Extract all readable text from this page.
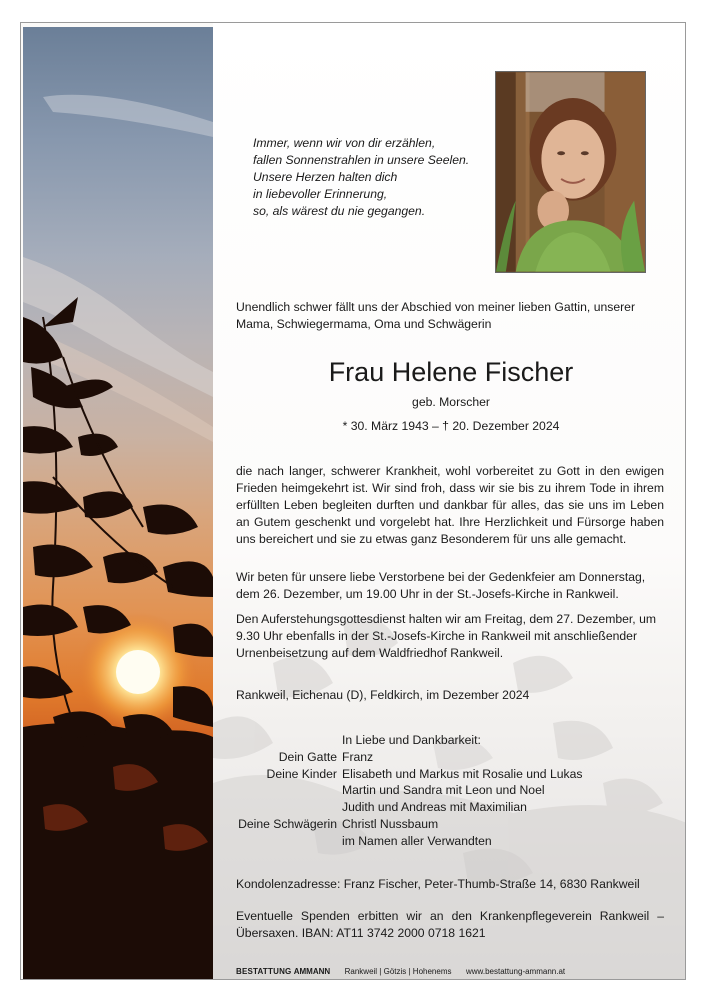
Immer, wenn wir von dir erzählen,
fallen Sonnenstrahlen in unsere Seelen.
Unsere Herzen halten dich
in liebevoller Erinnerung,
so, als wärest du nie gegangen.
Unendlich schwer fällt uns der Abschied von meiner lieben Gattin, unserer Mama, Schwiegermama, Oma und Schwägerin
Frau Helene Fischer
geb. Morscher
* 30. März 1943 – † 20. Dezember 2024
die nach langer, schwerer Krankheit, wohl vorbereitet zu Gott in den ewigen Frieden heimgekehrt ist. Wir sind froh, dass wir sie bis zu ihrem Tode in ihrem erfüllten Leben begleiten durften und dankbar für alles, das sie uns im Leben an Gutem geschenkt und vorgelebt hat. Ihre Herzlichkeit und Fürsorge haben uns bereichert und sie zu etwas ganz Besonderem für uns alle gemacht.
Wir beten für unsere liebe Verstorbene bei der Gedenkfeier am Donnerstag, dem 26. Dezember, um 19.00 Uhr in der St.-Josefs-Kirche in Rankweil.
Den Auferstehungsgottesdienst halten wir am Freitag, dem 27. Dezember, um 9.30 Uhr ebenfalls in der St.-Josefs-Kirche in Rankweil mit anschließender Urnenbeisetzung auf dem Waldfriedhof Rankweil.
Rankweil, Eichenau (D), Feldkirch, im Dezember 2024
In Liebe und Dankbarkeit:
Dein Gatte Franz
Deine Kinder Elisabeth und Markus mit Rosalie und Lukas
Martin und Sandra mit Leon und Noel
Judith und Andreas mit Maximilian
Deine Schwägerin Christl Nussbaum
im Namen aller Verwandten
Kondolenzadresse: Franz Fischer, Peter-Thumb-Straße 14, 6830 Rankweil
Eventuelle Spenden erbitten wir an den Krankenpflegeverein Rankweil – Übersaxen. IBAN: AT11 3742 2000 0718 1621
BESTATTUNG AMMANN Rankweil | Götzis | Hohenems www.bestattung-ammann.at
